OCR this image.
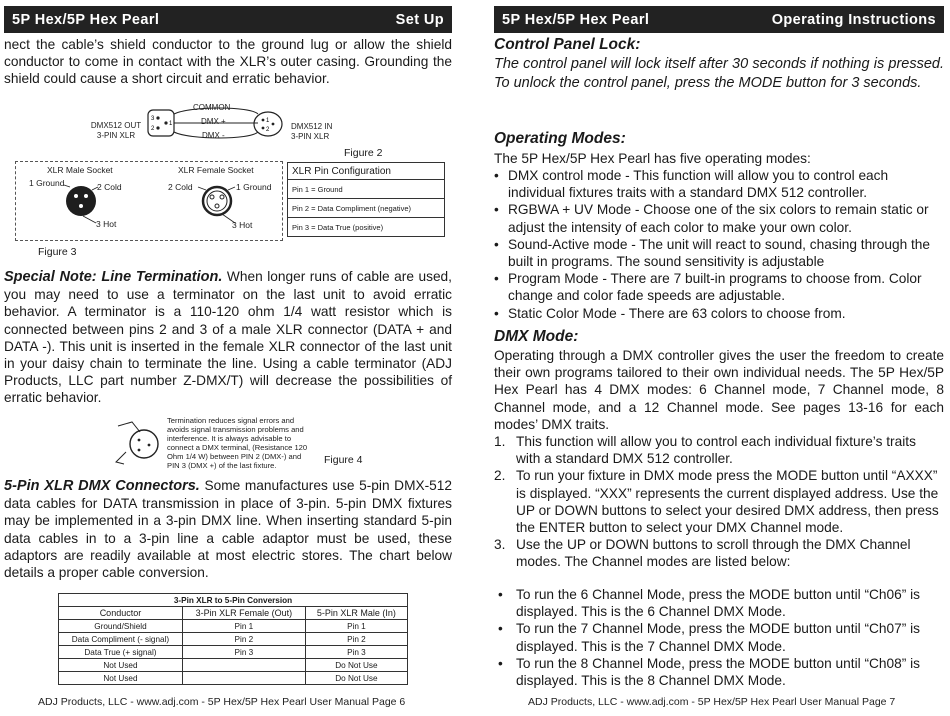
5P Hex/5P Hex Pearl	Set Up

nect the cable’s shield conductor to the ground lug or allow the shield conductor to come in contact with the XLR’s outer casing. Grounding the shield could cause a short circuit and erratic behavior.

3
2
1	1
2
COMMON
DMX +
DMX -
DMX512 OUT
3-PIN XLR
DMX512 IN
3-PIN XLR
Figure 2
XLR Male Socket	XLR Female Socket
1 Ground	2 Cold
3 Hot
2 Cold	1 Ground
3 Hot
Figure 3
XLR Pin Configuration
Pin 1 = Ground
Pin 2 = Data Compliment (negative)
Pin 3 = Data True (positive)

Special Note: Line Termination. When longer runs of cable are used, you may need to use a terminator on the last unit to avoid erratic behavior. A terminator is a 110-120 ohm 1/4 watt resistor which is connected between pins 2 and 3 of a male XLR connector (DATA + and DATA -). This unit is inserted in the female XLR connector of the last unit in your daisy chain to terminate the line. Using a cable terminator (ADJ Products, LLC part number Z-DMX/T) will decrease the possibilities of erratic behavior.

Termination reduces signal errors and avoids signal transmission problems and interference. It is always advisable to connect a DMX terminal, (Resistance 120 Ohm 1/4 W) between PIN 2 (DMX-) and PIN 3 (DMX +) of the last fixture.	Figure 4

5-Pin XLR DMX Connectors. Some manufactures use 5-pin DMX-512 data cables for DATA transmission in place of 3-pin. 5-pin DMX fixtures may be implemented in a 3-pin DMX line. When inserting standard 5-pin data cables in to a 3-pin line a cable adaptor must be used, these adaptors are readily available at most electric stores. The chart below details a proper cable conversion.

3-Pin XLR to 5-Pin Conversion		
Conductor	3-Pin XLR Female (Out)	5-Pin XLR Male (In)
Ground/Shield	Pin 1	Pin 1
Data Compliment (- signal)	Pin 2	Pin 2
Data True (+ signal)	Pin 3	Pin 3
Not Used		Do Not Use
Not Used		Do Not Use
ADJ Products, LLC - www.adj.com - 5P Hex/5P Hex Pearl User Manual Page 6
5P Hex/5P Hex Pearl	Operating Instructions
Control Panel Lock:

The control panel will lock itself after 30 seconds if nothing is pressed. To unlock the control panel, press the MODE button for 3 seconds.

Operating Modes:

The 5P Hex/5P Hex Pearl has five operating modes:

• DMX control mode - This function will allow you to control each individual fixtures traits with a standard DMX 512 controller.
• RGBWA + UV Mode - Choose one of the six colors to remain static or adjust the intensity of each color to make your own color.
• Sound-Active mode - The unit will react to sound, chasing through the built in programs. The sound sensitivity is adjustable
• Program Mode - There are 7 built-in programs to choose from. Color change and color fade speeds are adjustable.
• Static Color Mode - There are 63 colors to choose from.
DMX Mode:

Operating through a DMX controller gives the user the freedom to create their own programs tailored to their own individual needs. The 5P Hex/5P Hex Pearl has 4 DMX modes: 6 Channel mode, 7 Channel mode, 8 Channel mode, and a 12 Channel mode. See pages 13-16 for each modes’ DMX traits.

1. This function will allow you to control each individual fixture’s traits with a standard DMX 512 controller.
2. To run your fixture in DMX mode press the MODE button until “AXXX” is displayed. “XXX” represents the current displayed address. Use the UP or DOWN buttons to select your desired DMX address, then press the ENTER button to select your DMX Channel mode.
3. Use the UP or DOWN buttons to scroll through the DMX Channel modes. The Channel modes are listed below:
• To run the 6 Channel Mode, press the MODE button until “Ch06” is displayed. This is the 6 Channel DMX Mode.
• To run the 7 Channel Mode, press the MODE button until “Ch07” is displayed. This is the 7 Channel DMX Mode.
• To run the 8 Channel Mode, press the MODE button until “Ch08” is displayed. This is the 8 Channel DMX Mode.
ADJ Products, LLC - www.adj.com - 5P Hex/5P Hex Pearl User Manual Page 7
